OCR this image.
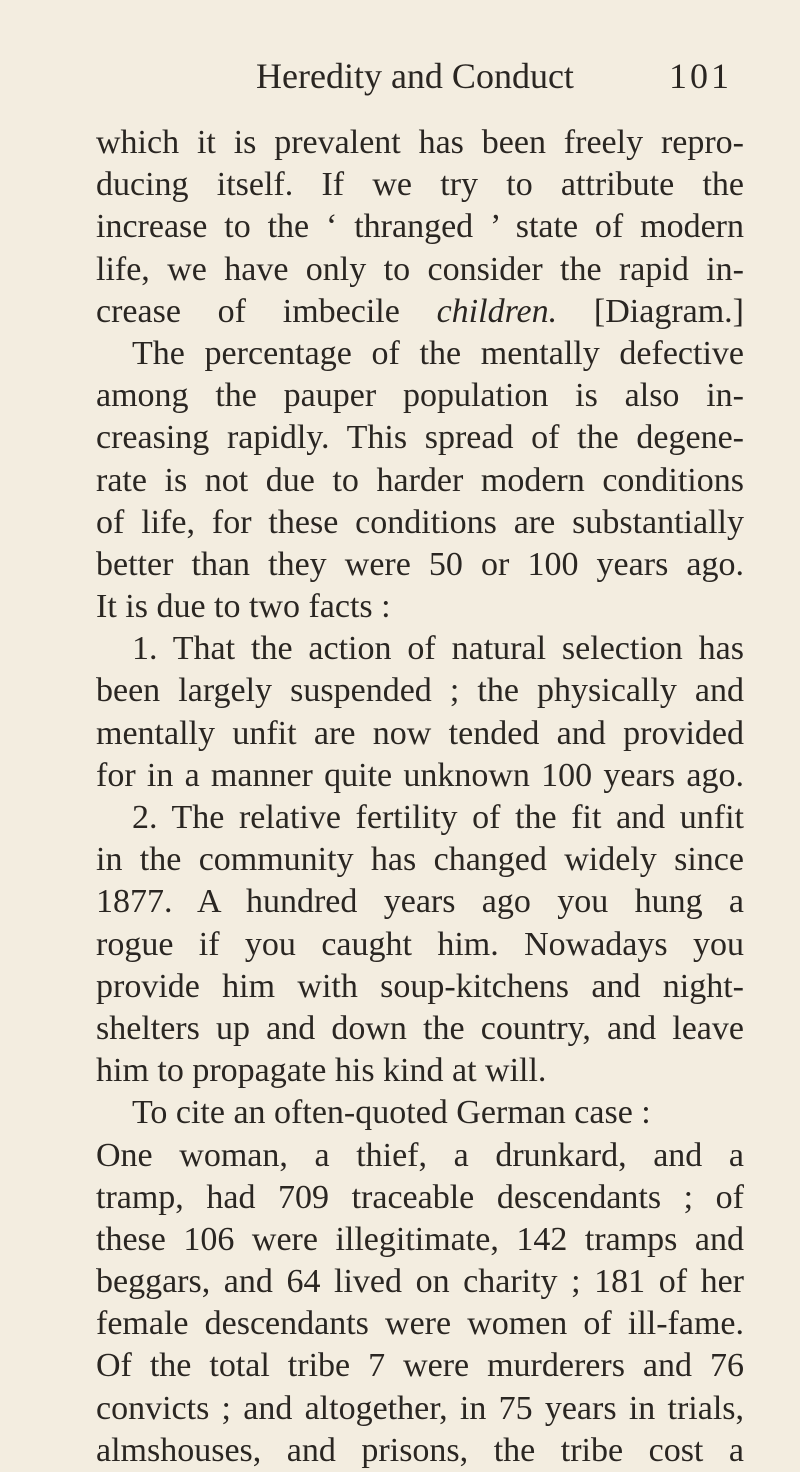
Heredity and Conduct	101
which it is prevalent has been freely repro-
ducing itself. If we try to attribute the
increase to the ‘ thranged ’ state of modern
life, we have only to consider the rapid in-
crease of imbecile children. [Diagram.]
The percentage of the mentally defective
among the pauper population is also in-
creasing rapidly. This spread of the degene-
rate is not due to harder modern conditions
of life, for these conditions are substantially
better than they were 50 or 100 years ago.
It is due to two facts :
1. That the action of natural selection has
been largely suspended ; the physically and
mentally unfit are now tended and provided
for in a manner quite unknown 100 years ago.
2. The relative fertility of the fit and unfit
in the community has changed widely since
1877. A hundred years ago you hung a
rogue if you caught him. Nowadays you
provide him with soup-kitchens and night-
shelters up and down the country, and leave
him to propagate his kind at will.
To cite an often-quoted German case :
One woman, a thief, a drunkard, and a
tramp, had 709 traceable descendants ; of
these 106 were illegitimate, 142 tramps and
beggars, and 64 lived on charity ; 181 of her
female descendants were women of ill-fame.
Of the total tribe 7 were murderers and 76
convicts ; and altogether, in 75 years in trials,
almshouses, and prisons, the tribe cost a
